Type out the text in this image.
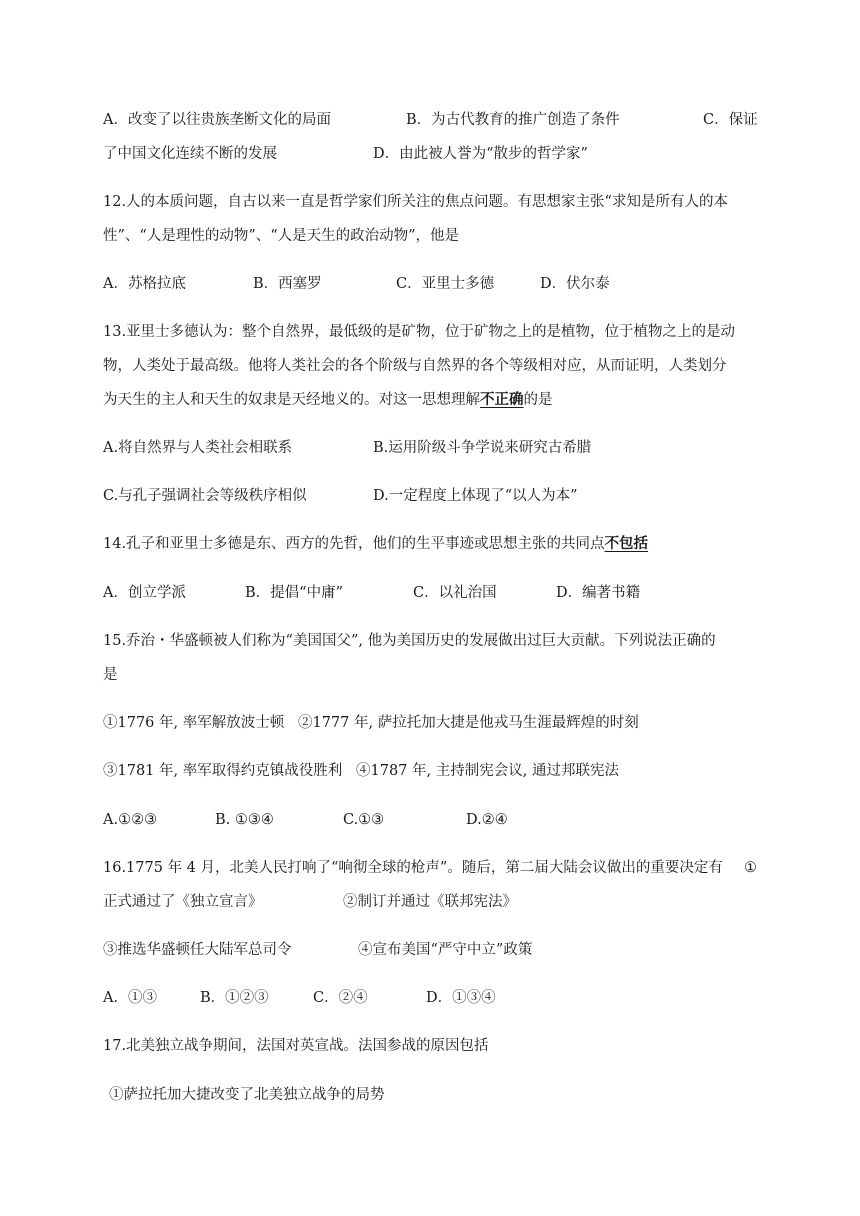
A．改变了以往贵族垄断文化的局面	B．为古代教育的推广创造了条件	C．保证
了中国文化连续不断的发展	D．由此被人誉为“散步的哲学家”
12.人的本质问题，自古以来一直是哲学家们所关注的焦点问题。有思想家主张“求知是所有人的本
性”、“人是理性的动物”、“人是天生的政治动物”，他是
A．苏格拉底	B．西塞罗	C．亚里士多德	D．伏尔泰
13.亚里士多德认为：整个自然界，最低级的是矿物，位于矿物之上的是植物，位于植物之上的是动
物，人类处于最高级。他将人类社会的各个阶级与自然界的各个等级相对应，从而证明，人类划分
为天生的主人和天生的奴隶是天经地义的。对这一思想理解不正确的是
A.将自然界与人类社会相联系	B.运用阶级斗争学说来研究古希腊
C.与孔子强调社会等级秩序相似	D.一定程度上体现了“以人为本”
14.孔子和亚里士多德是东、西方的先哲，他们的生平事迹或思想主张的共同点不包括
A．创立学派	B．提倡“中庸”	C．以礼治国	D．编著书籍
15.乔治・华盛顿被人们称为“美国国父”, 他为美国历史的发展做出过巨大贡献。下列说法正确的
是
①1776 年, 率军解放波士顿 ②1777 年, 萨拉托加大捷是他戎马生涯最辉煌的时刻
③1781 年, 率军取得约克镇战役胜利 ④1787 年, 主持制宪会议, 通过邦联宪法
A.①②③	B. ①③④	C.①③	D.②④
16.1775 年 4 月，北美人民打响了“响彻全球的枪声”。随后，第二届大陆会议做出的重要决定有 ①
正式通过了《独立宣言》	②制订并通过《联邦宪法》
③推选华盛顿任大陆军总司令	④宣布美国“严守中立”政策
A．①③	B．①②③	C．②④	D．①③④
17.北美独立战争期间，法国对英宣战。法国参战的原因包括
①萨拉托加大捷改变了北美独立战争的局势
